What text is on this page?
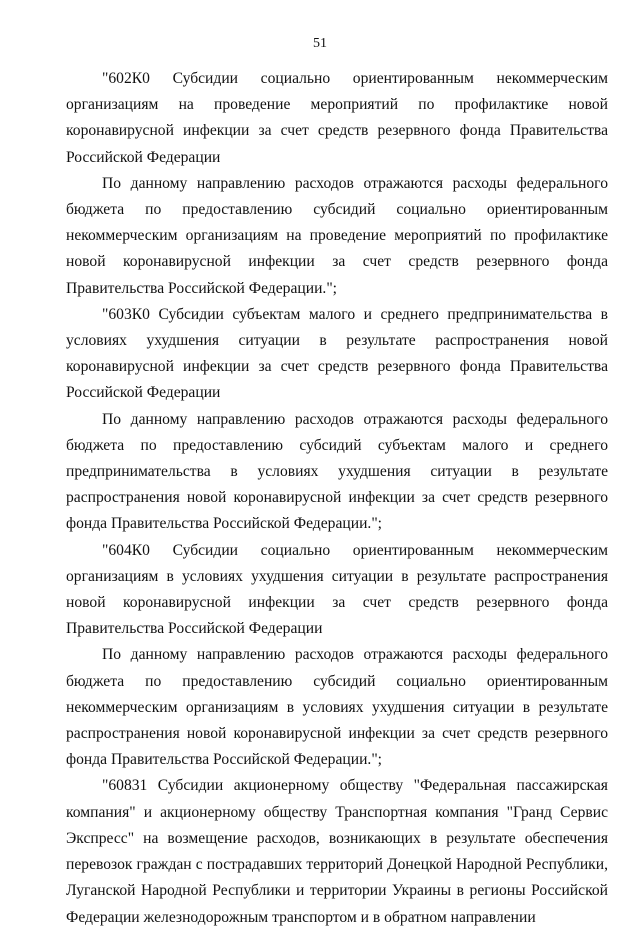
51

"602К0 Субсидии социально ориентированным некоммерческим организациям на проведение мероприятий по профилактике новой коронавирусной инфекции за счет средств резервного фонда Правительства Российской Федерации

По данному направлению расходов отражаются расходы федерального бюджета по предоставлению субсидий социально ориентированным некоммерческим организациям на проведение мероприятий по профилактике новой коронавирусной инфекции за счет средств резервного фонда Правительства Российской Федерации.";

"603К0 Субсидии субъектам малого и среднего предпринимательства в условиях ухудшения ситуации в результате распространения новой коронавирусной инфекции за счет средств резервного фонда Правительства Российской Федерации

По данному направлению расходов отражаются расходы федерального бюджета по предоставлению субсидий субъектам малого и среднего предпринимательства в условиях ухудшения ситуации в результате распространения новой коронавирусной инфекции за счет средств резервного фонда Правительства Российской Федерации.";

"604К0 Субсидии социально ориентированным некоммерческим организациям в условиях ухудшения ситуации в результате распространения новой коронавирусной инфекции за счет средств резервного фонда Правительства Российской Федерации

По данному направлению расходов отражаются расходы федерального бюджета по предоставлению субсидий социально ориентированным некоммерческим организациям в условиях ухудшения ситуации в результате распространения новой коронавирусной инфекции за счет средств резервного фонда Правительства Российской Федерации.";

"60831 Субсидии акционерному обществу "Федеральная пассажирская компания" и акционерному обществу Транспортная компания "Гранд Сервис Экспресс" на возмещение расходов, возникающих в результате обеспечения перевозок граждан с пострадавших территорий Донецкой Народной Республики, Луганской Народной Республики и территории Украины в регионы Российской Федерации железнодорожным транспортом и в обратном направлении
